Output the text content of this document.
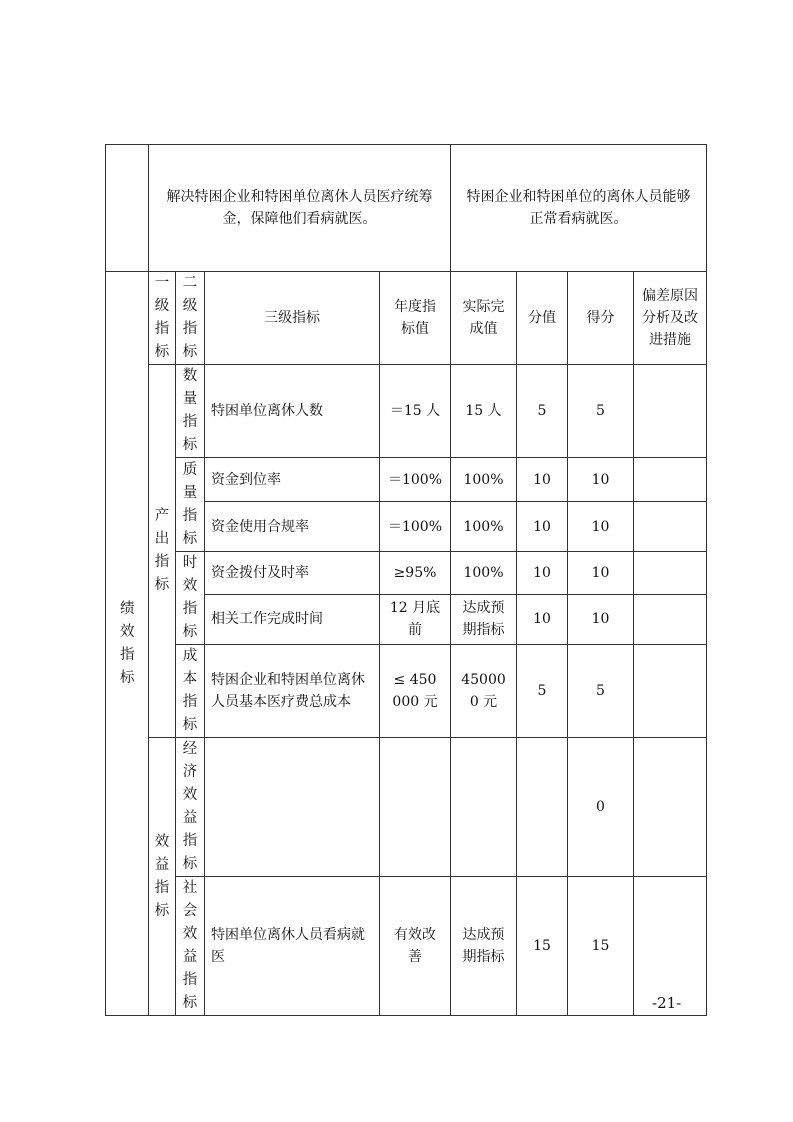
	解决特困企业和特困单位离休人员医疗统筹金，保障他们看病就医。				特困企业和特困单位的离休人员能够正常看病就医。			
绩效指标	一级指标	二级指标	三级指标	年度指标值	实际完成值	分值	得分	偏差原因分析及改进措施
	产出指标	数量指标	特困单位离休人数	＝15 人	15 人	5	5	
		质量指标	资金到位率	＝100%	100%	10	10	
			资金使用合规率	＝100%	100%	10	10	
		时效指标	资金拨付及时率	≥95%	100%	10	10	
			相关工作完成时间	12 月底前	达成预期指标	10	10	
		成本指标	特困企业和特困单位离休人员基本医疗费总成本	≤ 450000 元	450000 元	5	5	
	效益指标	经济效益指标					0	
		社会效益指标	特困单位离休人员看病就医	有效改善	达成预期指标	15	15	
-21-
